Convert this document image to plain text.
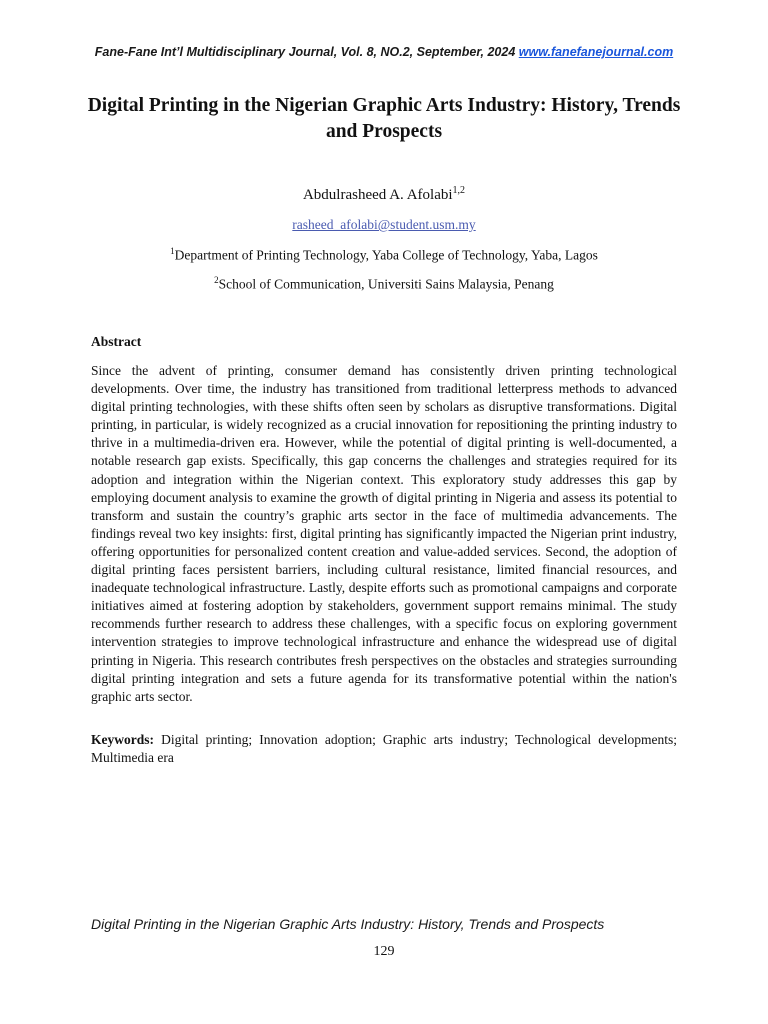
Fane-Fane Int’l Multidisciplinary Journal, Vol. 8, NO.2, September, 2024 www.fanefanejournal.com
Digital Printing in the Nigerian Graphic Arts Industry: History, Trends and Prospects
Abdulrasheed A. Afolabi$^{1,2}$
rasheed_afolabi@student.usm.my
$^1$Department of Printing Technology, Yaba College of Technology, Yaba, Lagos
$^2$School of Communication, Universiti Sains Malaysia, Penang
Abstract

Since the advent of printing, consumer demand has consistently driven printing technological developments. Over time, the industry has transitioned from traditional letterpress methods to advanced digital printing technologies, with these shifts often seen by scholars as disruptive transformations. Digital printing, in particular, is widely recognized as a crucial innovation for repositioning the printing industry to thrive in a multimedia-driven era. However, while the potential of digital printing is well-documented, a notable research gap exists. Specifically, this gap concerns the challenges and strategies required for its adoption and integration within the Nigerian context. This exploratory study addresses this gap by employing document analysis to examine the growth of digital printing in Nigeria and assess its potential to transform and sustain the country’s graphic arts sector in the face of multimedia advancements. The findings reveal two key insights: first, digital printing has significantly impacted the Nigerian print industry, offering opportunities for personalized content creation and value-added services. Second, the adoption of digital printing faces persistent barriers, including cultural resistance, limited financial resources, and inadequate technological infrastructure. Lastly, despite efforts such as promotional campaigns and corporate initiatives aimed at fostering adoption by stakeholders, government support remains minimal. The study recommends further research to address these challenges, with a specific focus on exploring government intervention strategies to improve technological infrastructure and enhance the widespread use of digital printing in Nigeria. This research contributes fresh perspectives on the obstacles and strategies surrounding digital printing integration and sets a future agenda for its transformative potential within the nation's graphic arts sector.

Keywords: Digital printing; Innovation adoption; Graphic arts industry; Technological developments; Multimedia era

Digital Printing in the Nigerian Graphic Arts Industry: History, Trends and Prospects
129
